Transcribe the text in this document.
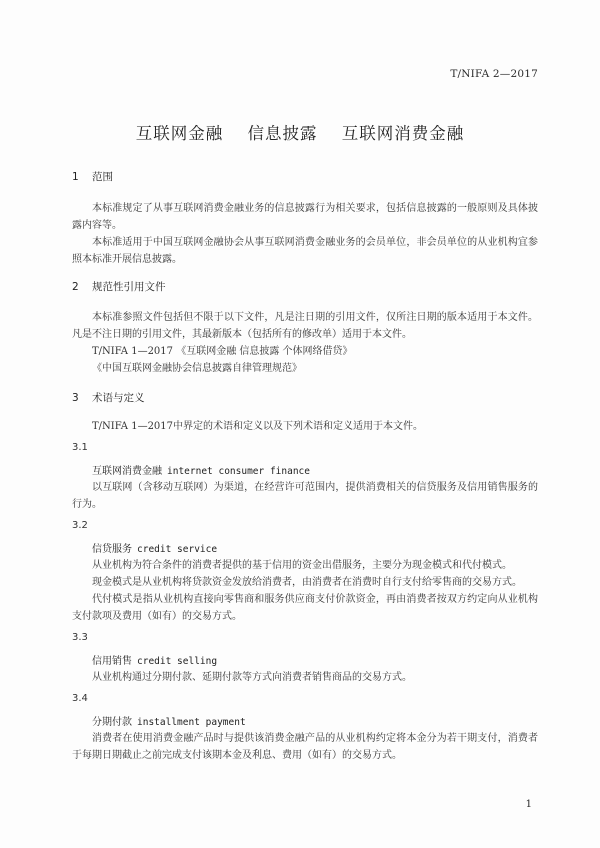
T/NIFA 2—2017
互联网金融 信息披露 互联网消费金融
1 范围

本标准规定了从事互联网消费金融业务的信息披露行为相关要求，包括信息披露的一般原则及具体披露内容等。

本标准适用于中国互联网金融协会从事互联网消费金融业务的会员单位，非会员单位的从业机构宜参照本标准开展信息披露。

2 规范性引用文件

本标准参照文件包括但不限于以下文件，凡是注日期的引用文件，仅所注日期的版本适用于本文件。凡是不注日期的引用文件，其最新版本（包括所有的修改单）适用于本文件。

T/NIFA 1—2017 《互联网金融 信息披露 个体网络借贷》

《中国互联网金融协会信息披露自律管理规范》

3 术语与定义

T/NIFA 1—2017中界定的术语和定义以及下列术语和定义适用于本文件。

3.1
互联网消费金融 internet consumer finance

以互联网（含移动互联网）为渠道，在经营许可范围内，提供消费相关的信贷服务及信用销售服务的行为。

3.2
信贷服务 credit service

从业机构为符合条件的消费者提供的基于信用的资金出借服务，主要分为现金模式和代付模式。

现金模式是从业机构将贷款资金发放给消费者，由消费者在消费时自行支付给零售商的交易方式。

代付模式是指从业机构直接向零售商和服务供应商支付价款资金，再由消费者按双方约定向从业机构支付款项及费用（如有）的交易方式。

3.3
信用销售 credit selling

从业机构通过分期付款、延期付款等方式向消费者销售商品的交易方式。

3.4
分期付款 installment payment

消费者在使用消费金融产品时与提供该消费金融产品的从业机构约定将本金分为若干期支付，消费者于每期日期截止之前完成支付该期本金及利息、费用（如有）的交易方式。

1
